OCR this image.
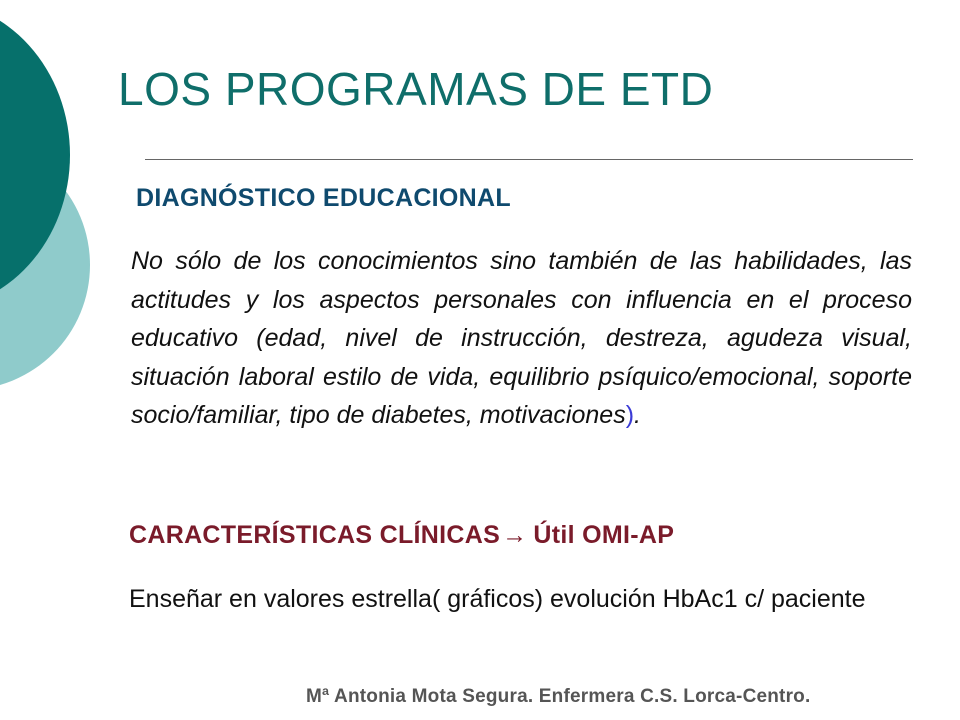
LOS PROGRAMAS DE ETD
DIAGNÓSTICO EDUCACIONAL

No sólo de los conocimientos sino también de las habilidades, las actitudes y los aspectos personales con influencia en el proceso educativo (edad, nivel de instrucción, destreza, agudeza visual, situación laboral estilo de vida, equilibrio psíquico/emocional, soporte socio/familiar, tipo de diabetes, motivaciones).

CARACTERÍSTICAS CLÍNICAS→ Útil OMI-AP

Enseñar en valores estrella( gráficos) evolución HbAc1 c/ paciente

Mª Antonia Mota Segura. Enfermera C.S. Lorca-Centro.
